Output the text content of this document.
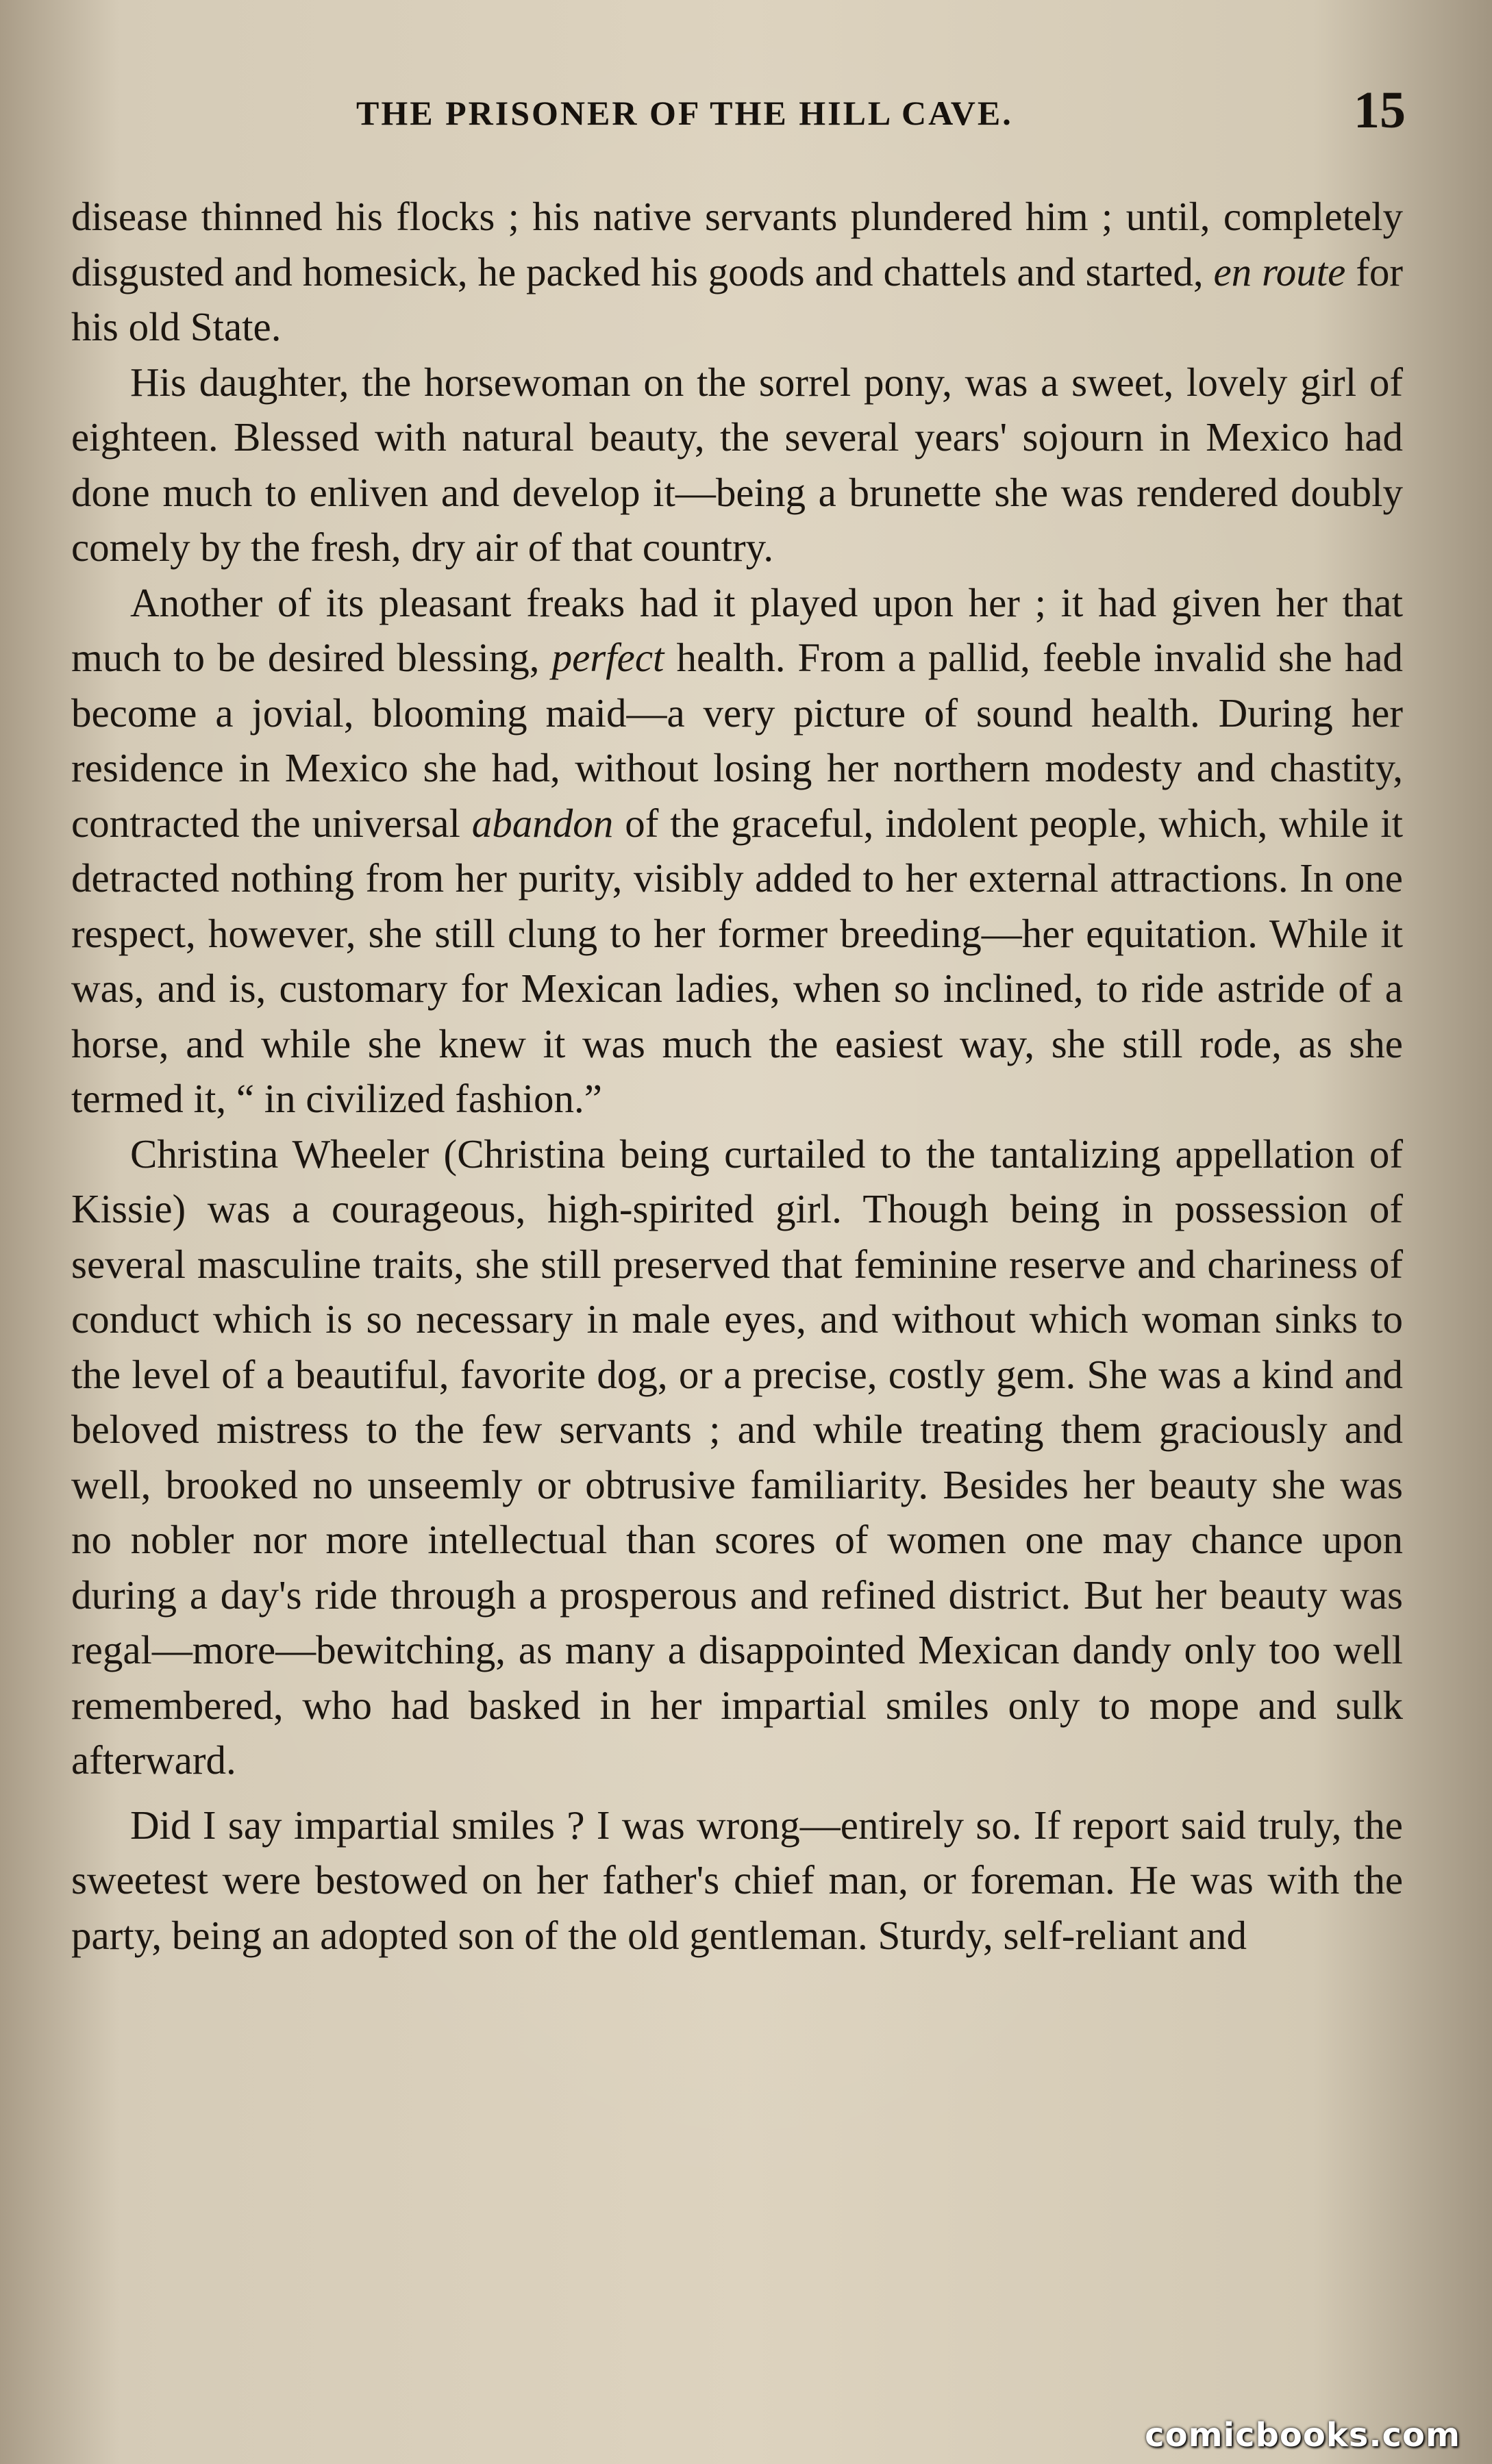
THE PRISONER OF THE HILL CAVE.	15

disease thinned his flocks ; his native servants plundered him ; until, completely disgusted and homesick, he packed his goods and chattels and started, en route for his old State.

His daughter, the horsewoman on the sorrel pony, was a sweet, lovely girl of eighteen. Blessed with natural beauty, the several years' sojourn in Mexico had done much to enliven and develop it—being a brunette she was rendered doubly comely by the fresh, dry air of that country.

Another of its pleasant freaks had it played upon her ; it had given her that much to be desired blessing, perfect health. From a pallid, feeble invalid she had become a jovial, blooming maid—a very picture of sound health. During her residence in Mexico she had, without losing her northern modesty and chastity, contracted the universal abandon of the graceful, indolent people, which, while it detracted nothing from her purity, visibly added to her external attractions. In one respect, however, she still clung to her former breeding—her equitation. While it was, and is, customary for Mexican ladies, when so inclined, to ride astride of a horse, and while she knew it was much the easiest way, she still rode, as she termed it, “ in civilized fashion.”

Christina Wheeler (Christina being curtailed to the tantalizing appellation of Kissie) was a courageous, high-spirited girl. Though being in possession of several masculine traits, she still preserved that feminine reserve and chariness of conduct which is so necessary in male eyes, and without which woman sinks to the level of a beautiful, favorite dog, or a precise, costly gem. She was a kind and beloved mistress to the few servants ; and while treating them graciously and well, brooked no unseemly or obtrusive familiarity. Besides her beauty she was no nobler nor more intellectual than scores of women one may chance upon during a day's ride through a prosperous and refined district. But her beauty was regal—more—bewitching, as many a disappointed Mexican dandy only too well remembered, who had basked in her impartial smiles only to mope and sulk afterward.

Did I say impartial smiles ? I was wrong—entirely so. If report said truly, the sweetest were bestowed on her father's chief man, or foreman. He was with the party, being an adopted son of the old gentleman. Sturdy, self-reliant and

comicbooks.com
